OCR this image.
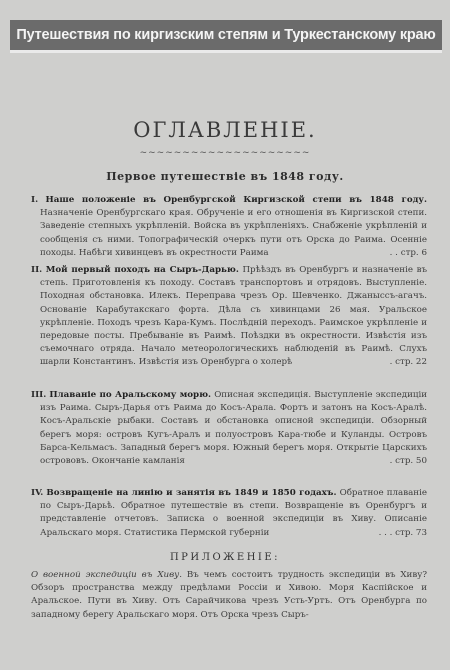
Путешествия по киргизским степям и Туркестанскому краю
ОГЛАВЛЕНІЕ.
~~~~~~~~~~~~~~~~~~~~
Первое путешествіе въ 1848 году.
I. Наше положеніе въ Оренбургской Киргизской степи въ 1848 году. Назначеніе Оренбургскаго края. Обрученіе и его отношенія въ Киргизской степи. Заведеніе степныхъ укрѣпленій. Войска въ укрѣпленіяхъ. Снабженіе укрѣпленій и сообщенія съ ними. Топографическій очеркъ пути отъ Орска до Раима. Осенніе походы. Набѣги хивинцевъ въ окрестности Раима	. . стр. 6
II. Мой первый походъ на Сыръ-Дарью. Прѣѣздъ въ Оренбургъ и назначеніе въ степь. Приготовленія къ походу. Составъ транспортовъ и отрядовъ. Выступленіе. Походная обстановка. Илекъ. Переправа чрезъ Ор. Шевченко. Джаныссъ-агачъ. Основаніе Карабутакскаго форта. Дѣла съ хивинцами 26 мая. Уральское укрѣпленіе. Походъ чрезъ Кара-Кумъ. Послѣдній переходъ. Раимское укрѣпленіе и передовые посты. Пребываніе въ Раимѣ. Поѣздки въ окрестности. Извѣстія изъ съемочнаго отряда. Начало метеорологическихъ наблюденій въ Раимѣ. Слухъ шарли Константинъ. Извѣстія изъ Оренбурга о холерѣ	. стр. 22
III. Плаваніе по Аральскому морю. Описная экспедиція. Выступленіе экспедиціи изъ Раима. Сыръ-Дарья отъ Раима до Косъ-Арала. Фортъ и затонъ на Косъ-Аралѣ. Косъ-Аральскіе рыбаки. Составъ и обстановка описной экспедиціи. Обзорный берегъ моря: островъ Кугъ-Аралъ и полуостровъ Кара-тюбе и Куланды. Островъ Барса-Кельмасъ. Западный берегъ моря. Южный берегъ моря. Открытіе Царскихъ острововъ. Окончаніе камланія	. стр. 50
IV. Возвращеніе на линію и занятія въ 1849 и 1850 годахъ. Обратное плаваніе по Сыръ-Дарьѣ. Обратное путешествіе въ степи. Возвращеніе въ Оренбургъ и представленіе отчетовъ. Записка о военной экспедиціи въ Хиву. Описаніе Аральскаго моря. Статистика Пермской губерніи	. . . стр. 73
ПРИЛОЖЕНІЕ:
О военной экспедиціи въ Хиву. Въ чемъ состоитъ трудность экспедиціи въ Хиву? Обзоръ пространства между предѣлами Россіи и Хивою. Моря Каспійское и Аральское. Пути въ Хиву. Отъ Сарайчикова чрезъ Усть-Уртъ. Отъ Оренбурга по западному берегу Аральскаго моря. Отъ Орска чрезъ Сыръ-
